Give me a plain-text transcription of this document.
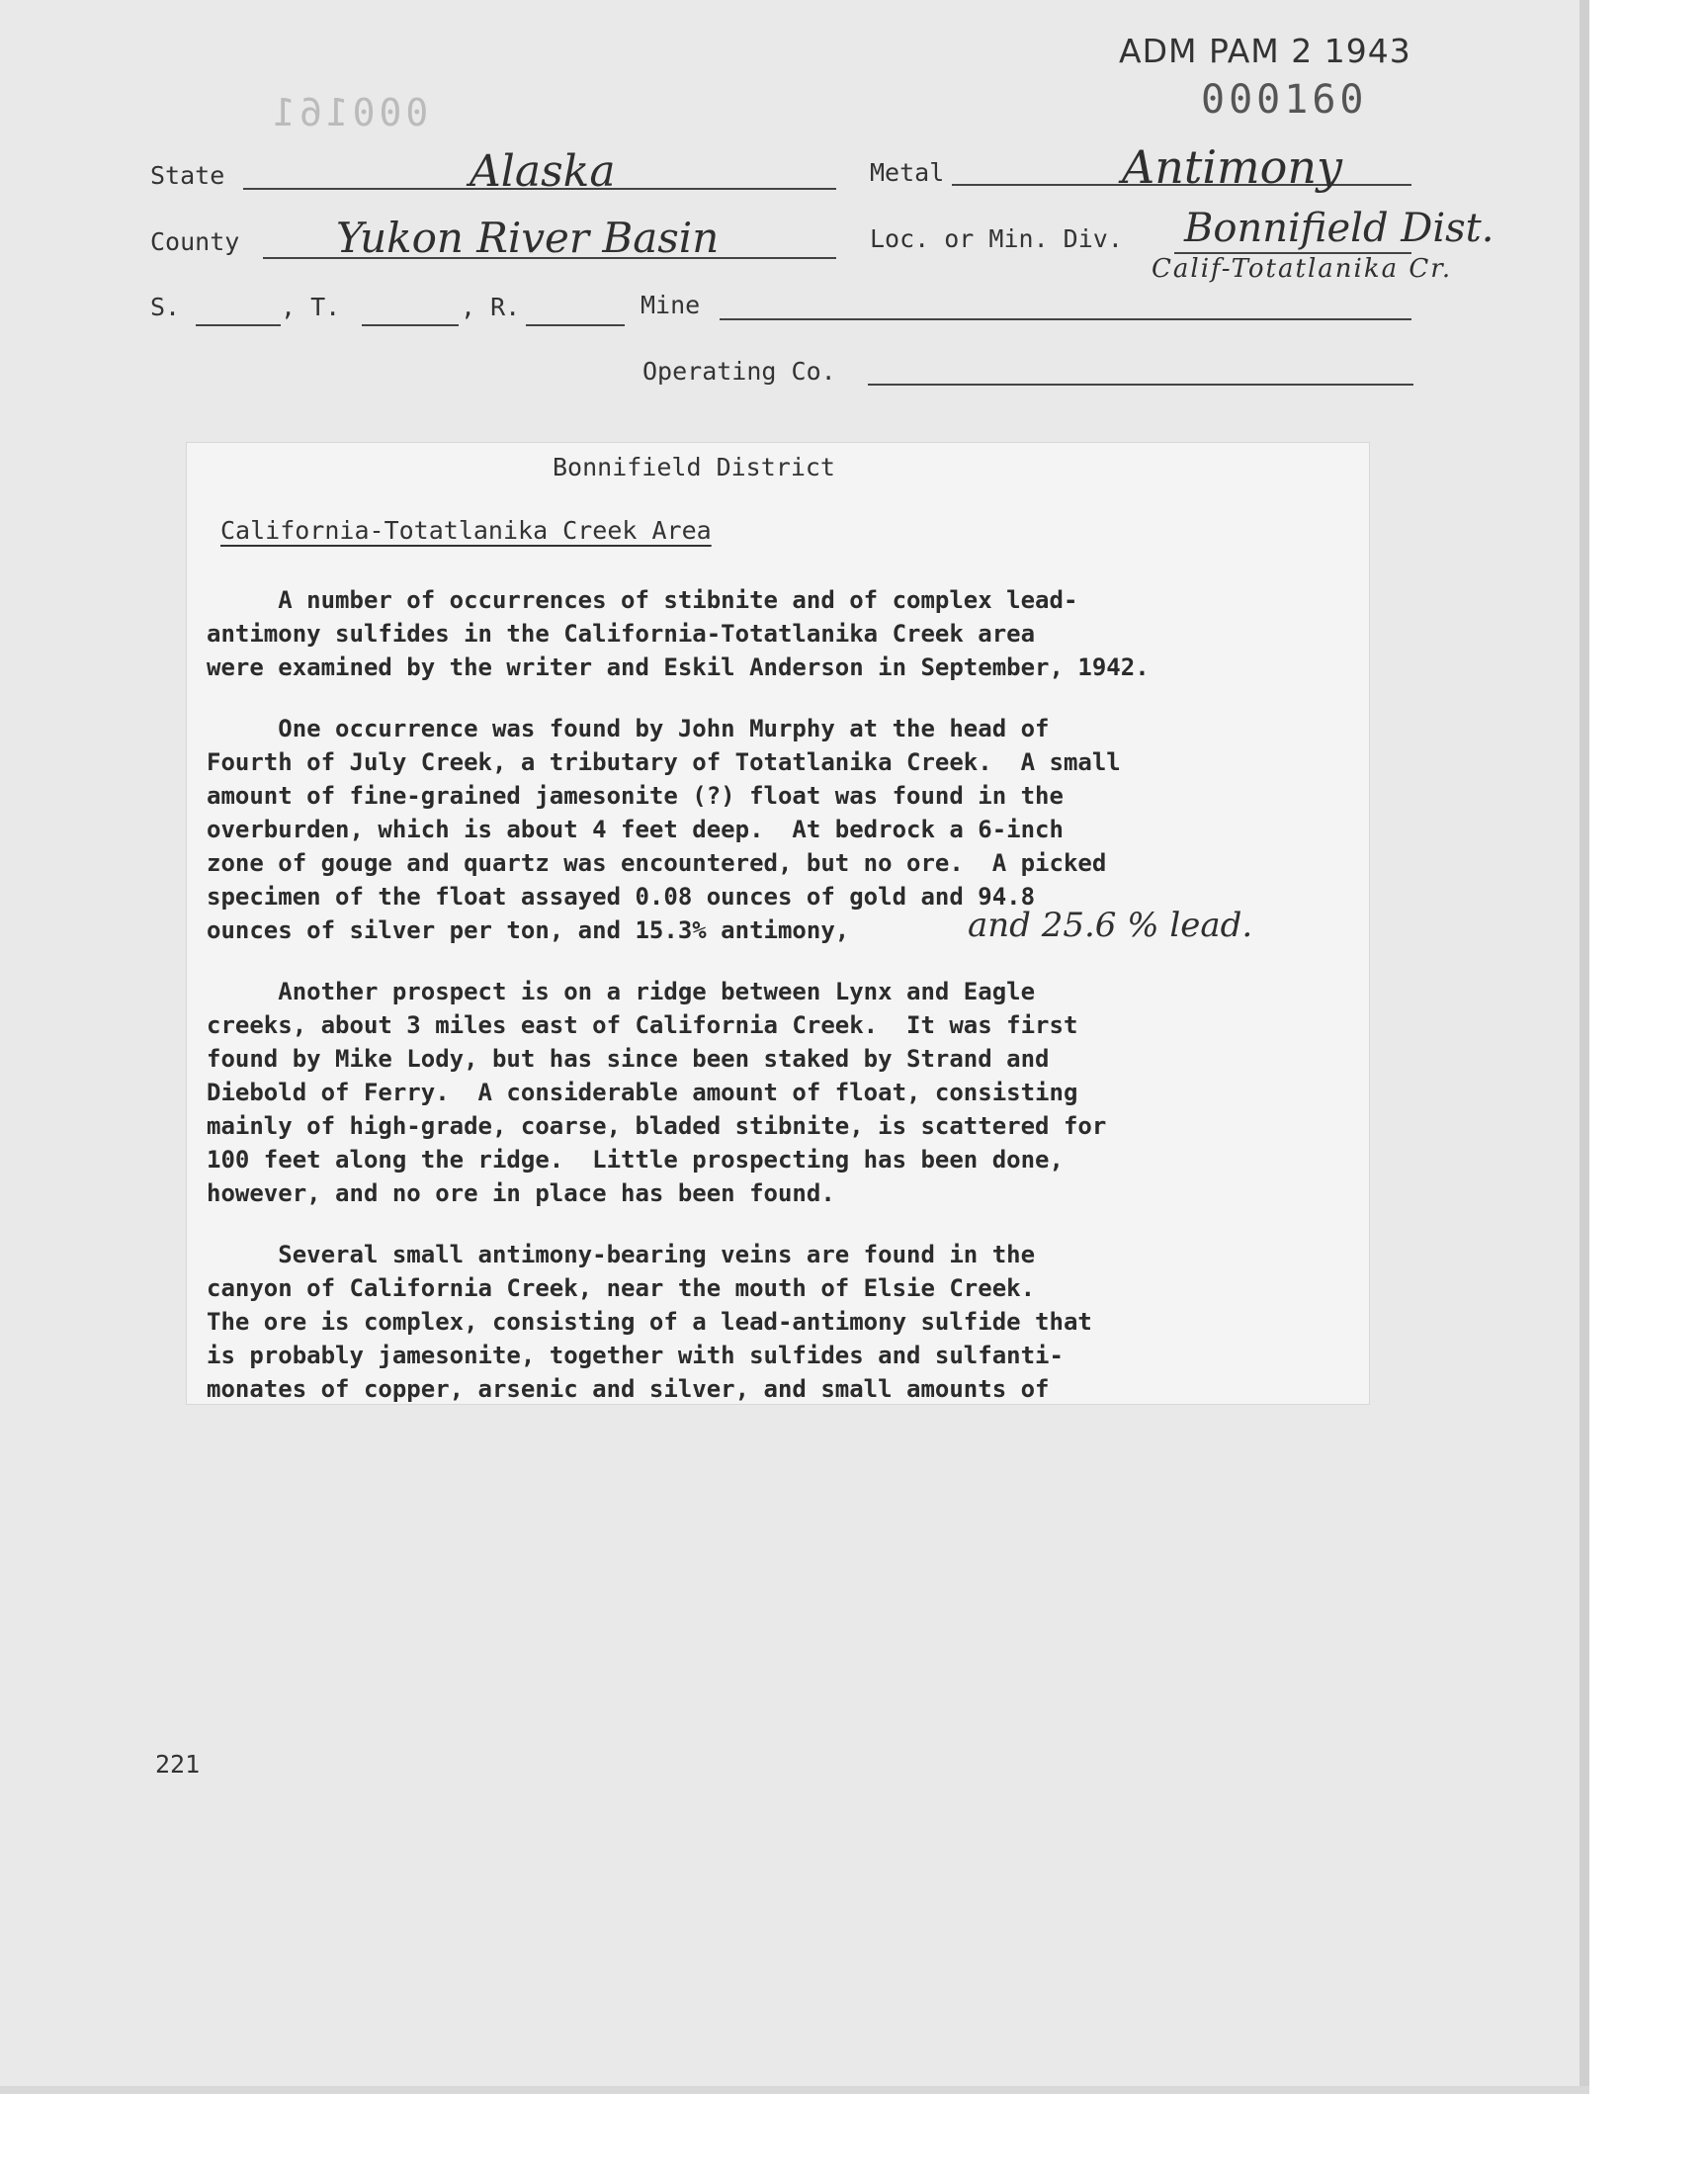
ADM PAM 2 1943
000160
000161
State	Alaska	Metal	Antimony
County Yukon River Basin	Loc. or Min. Div. Bonnifield Dist.
Calif-Totatlanika Cr.
S.	, T.	, R.	Mine
Operating Co.
Bonnifield District
California-Totatlanika Creek Area
A number of occurrences of stibnite and of complex lead-
antimony sulfides in the California-Totatlanika Creek area
were examined by the writer and Eskil Anderson in September, 1942.
One occurrence was found by John Murphy at the head of
Fourth of July Creek, a tributary of Totatlanika Creek.  A small
amount of fine-grained jamesonite (?) float was found in the
overburden, which is about 4 feet deep.  At bedrock a 6-inch
zone of gouge and quartz was encountered, but no ore.  A picked
specimen of the float assayed 0.08 ounces of gold and 94.8
ounces of silver per ton, and 15.3% antimony,	and 25.6 % lead.
Another prospect is on a ridge between Lynx and Eagle
creeks, about 3 miles east of California Creek.  It was first
found by Mike Lody, but has since been staked by Strand and
Diebold of Ferry.  A considerable amount of float, consisting
mainly of high-grade, coarse, bladed stibnite, is scattered for
100 feet along the ridge.  Little prospecting has been done,
however, and no ore in place has been found.
Several small antimony-bearing veins are found in the
canyon of California Creek, near the mouth of Elsie Creek.
The ore is complex, consisting of a lead-antimony sulfide that
is probably jamesonite, together with sulfides and sulfanti-
monates of copper, arsenic and silver, and small amounts of
221
